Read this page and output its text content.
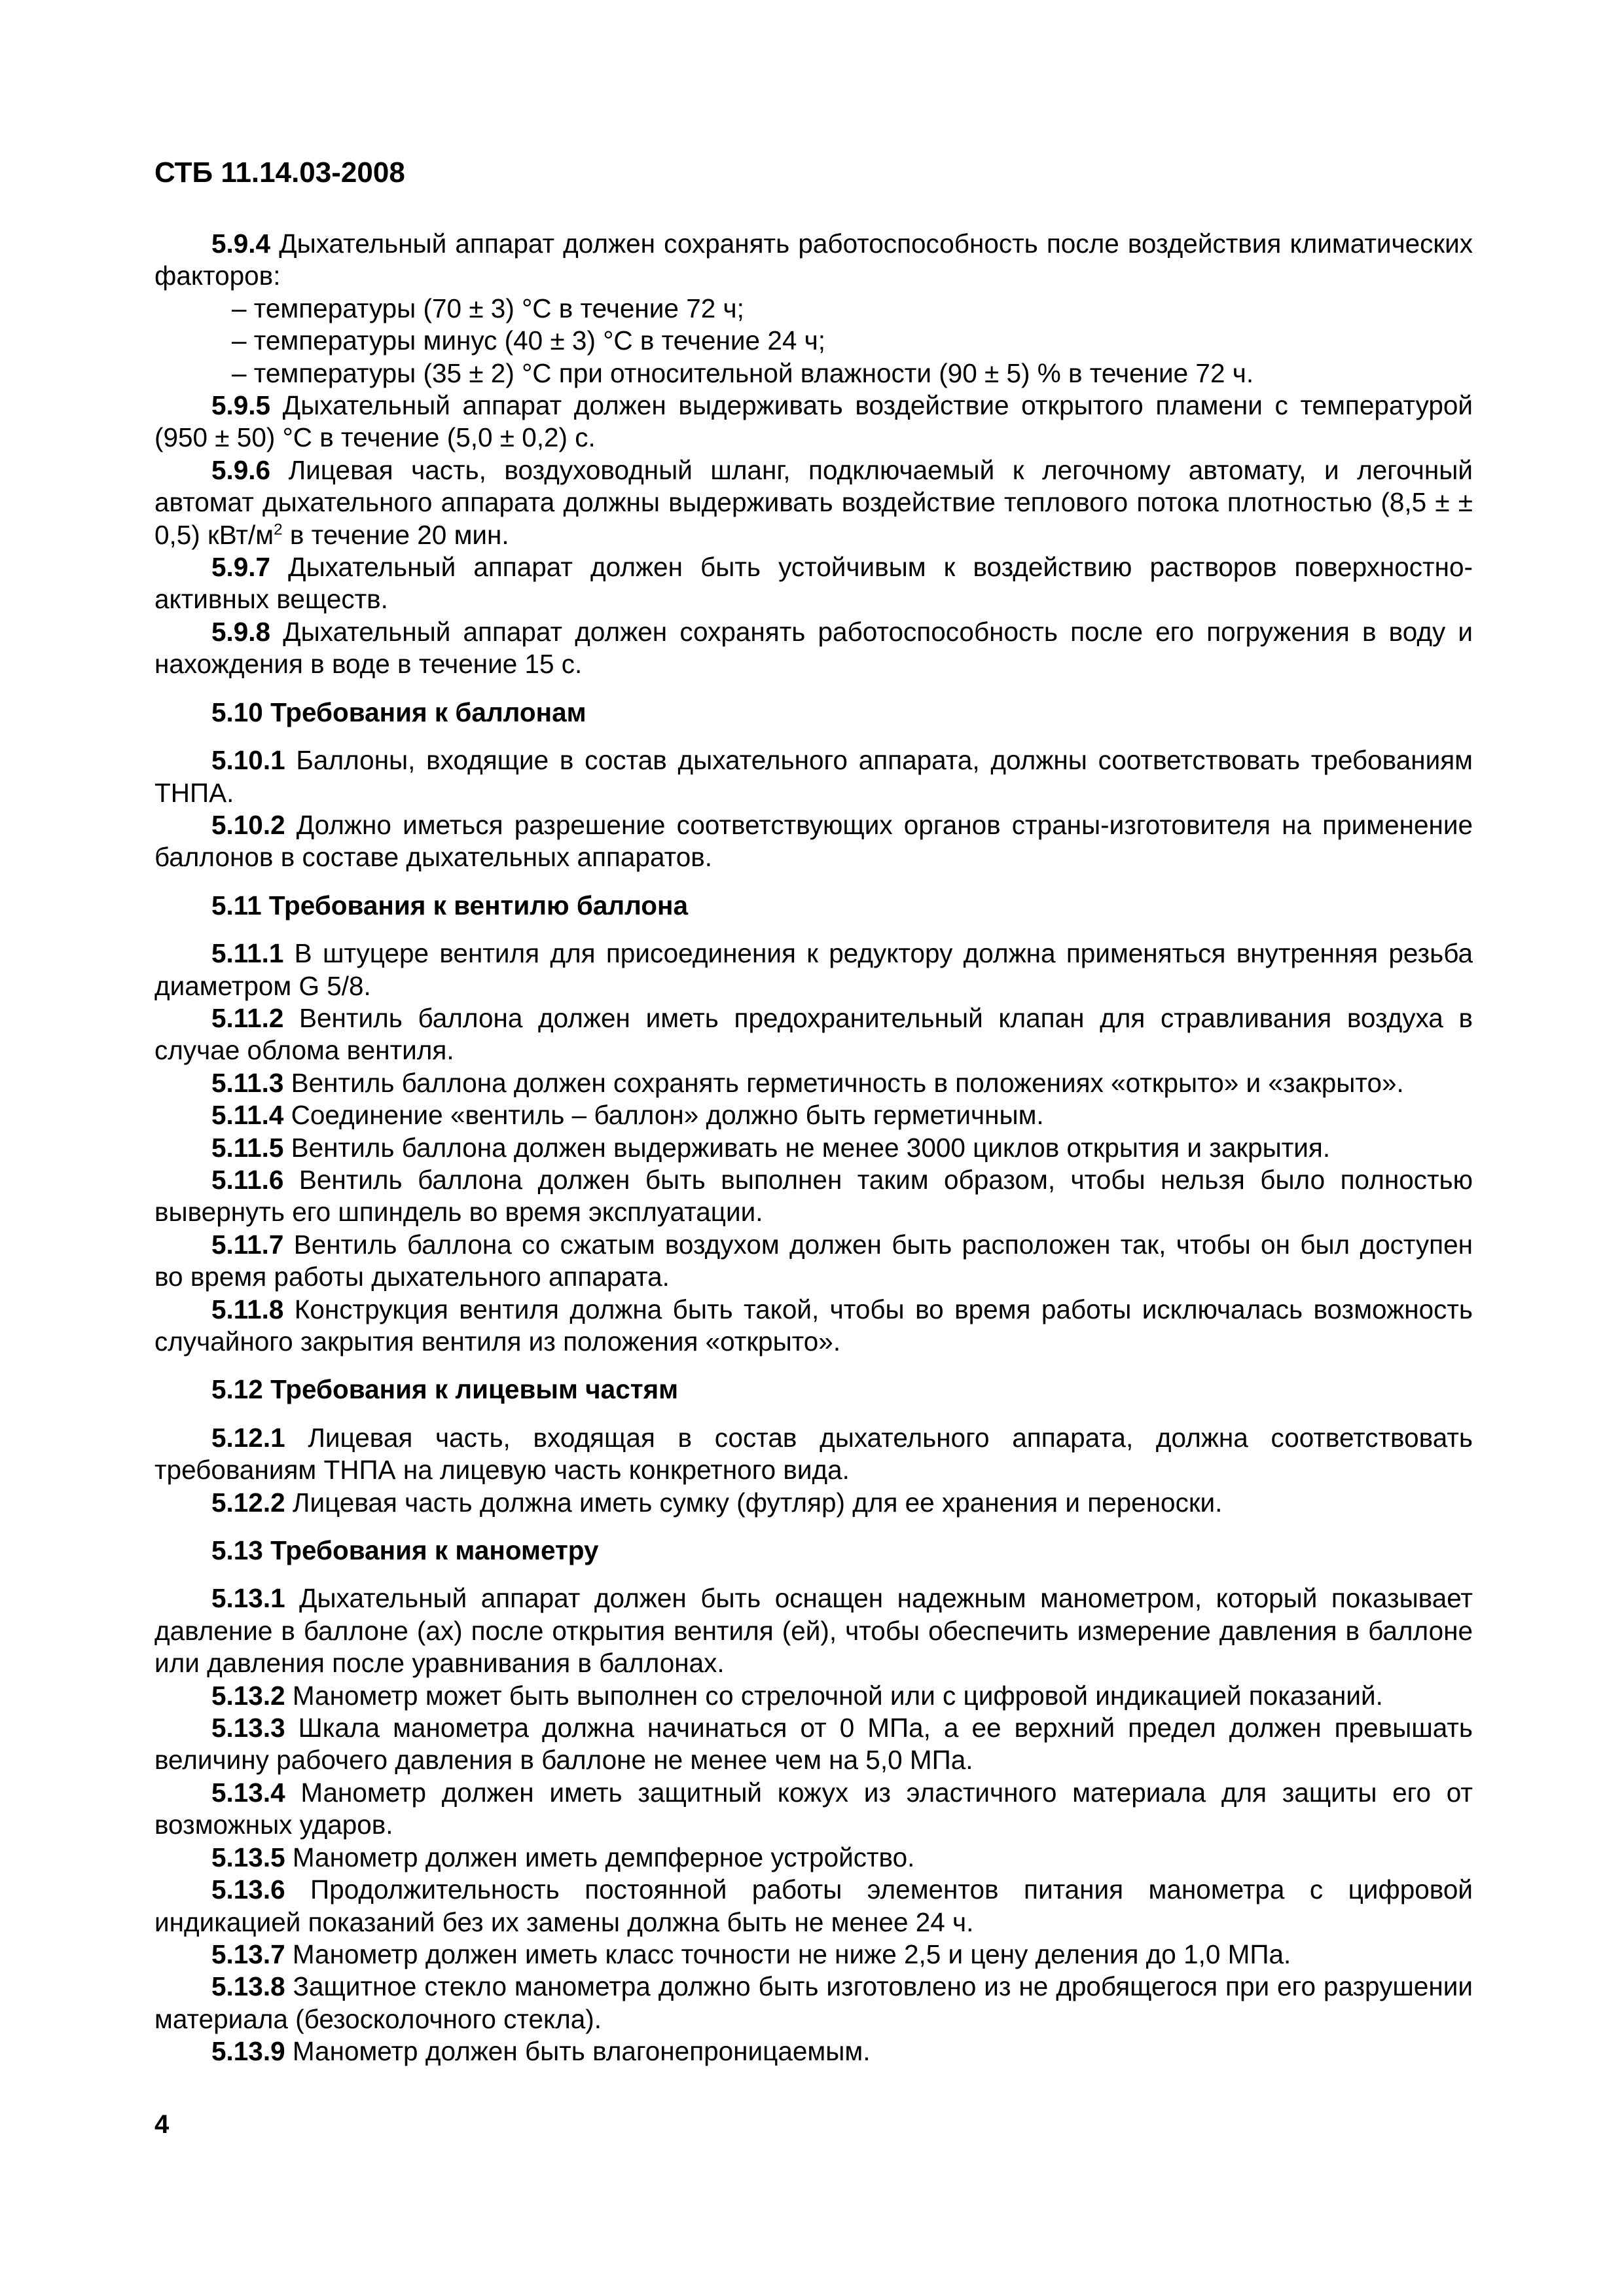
СТБ 11.14.03-2008

5.9.4 Дыхательный аппарат должен сохранять работоспособность после воздействия климатических факторов:

– температуры (70 ± 3) °С в течение 72 ч;

– температуры минус (40 ± 3) °С в течение 24 ч;

– температуры (35 ± 2) °С при относительной влажности (90 ± 5) % в течение 72 ч.

5.9.5 Дыхательный аппарат должен выдерживать воздействие открытого пламени с температурой (950 ± 50) °С в течение (5,0 ± 0,2) с.

5.9.6 Лицевая часть, воздуховодный шланг, подключаемый к легочному автомату, и легочный автомат дыхательного аппарата должны выдерживать воздействие теплового потока плотностью (8,5 ± ± 0,5) кВт/$м^2$ в течение 20 мин.

5.9.7 Дыхательный аппарат должен быть устойчивым к воздействию растворов поверхностно-активных веществ.

5.9.8 Дыхательный аппарат должен сохранять работоспособность после его погружения в воду и нахождения в воде в течение 15 с.

5.10 Требования к баллонам

5.10.1 Баллоны, входящие в состав дыхательного аппарата, должны соответствовать требованиям ТНПА.

5.10.2 Должно иметься разрешение соответствующих органов страны-изготовителя на применение баллонов в составе дыхательных аппаратов.

5.11 Требования к вентилю баллона

5.11.1 В штуцере вентиля для присоединения к редуктору должна применяться внутренняя резьба диаметром G 5/8.

5.11.2 Вентиль баллона должен иметь предохранительный клапан для стравливания воздуха в случае облома вентиля.

5.11.3 Вентиль баллона должен сохранять герметичность в положениях «открыто» и «закрыто».

5.11.4 Соединение «вентиль – баллон» должно быть герметичным.

5.11.5 Вентиль баллона должен выдерживать не менее 3000 циклов открытия и закрытия.

5.11.6 Вентиль баллона должен быть выполнен таким образом, чтобы нельзя было полностью вывернуть его шпиндель во время эксплуатации.

5.11.7 Вентиль баллона со сжатым воздухом должен быть расположен так, чтобы он был доступен во время работы дыхательного аппарата.

5.11.8 Конструкция вентиля должна быть такой, чтобы во время работы исключалась возможность случайного закрытия вентиля из положения «открыто».

5.12 Требования к лицевым частям

5.12.1 Лицевая часть, входящая в состав дыхательного аппарата, должна соответствовать требованиям ТНПА на лицевую часть конкретного вида.

5.12.2 Лицевая часть должна иметь сумку (футляр) для ее хранения и переноски.

5.13 Требования к манометру

5.13.1 Дыхательный аппарат должен быть оснащен надежным манометром, который показывает давление в баллоне (ах) после открытия вентиля (ей), чтобы обеспечить измерение давления в баллоне или давления после уравнивания в баллонах.

5.13.2 Манометр может быть выполнен со стрелочной или с цифровой индикацией показаний.

5.13.3 Шкала манометра должна начинаться от 0 МПа, а ее верхний предел должен превышать величину рабочего давления в баллоне не менее чем на 5,0 МПа.

5.13.4 Манометр должен иметь защитный кожух из эластичного материала для защиты его от возможных ударов.

5.13.5 Манометр должен иметь демпферное устройство.

5.13.6 Продолжительность постоянной работы элементов питания манометра с цифровой индикацией показаний без их замены должна быть не менее 24 ч.

5.13.7 Манометр должен иметь класс точности не ниже 2,5 и цену деления до 1,0 МПа.

5.13.8 Защитное стекло манометра должно быть изготовлено из не дробящегося при его разрушении материала (безосколочного стекла).

5.13.9 Манометр должен быть влагонепроницаемым.

4
